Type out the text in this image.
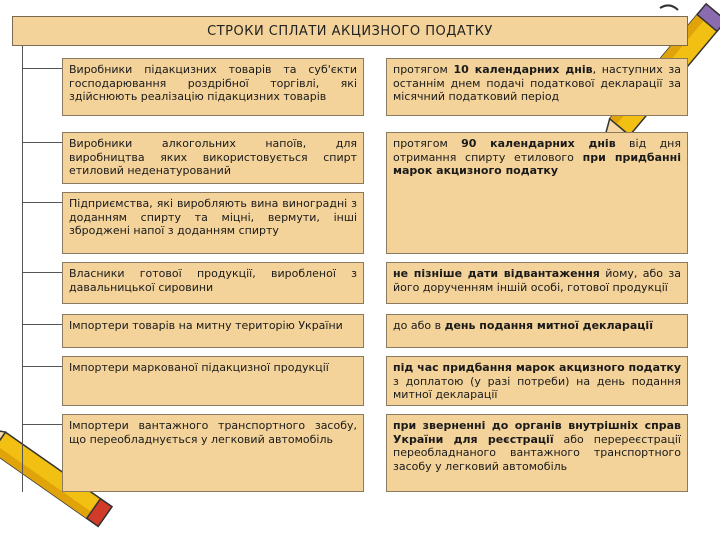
СТРОКИ СПЛАТИ АКЦИЗНОГО ПОДАТКУ
Виробники підакцизних товарів та суб'єкти господарювання роздрібної торгівлі, які здійснюють реалізацію підакцизних товарів
протягом 10 календарних днів, наступних за останнім днем подачі податкової декларації за місячний податковий період
Виробники алкогольних напоїв, для виробництва яких використовується спирт етиловий неденатурований
протягом 90 календарних днів від дня отримання спирту етилового при придбанні марок акцизного податку
Підприємства, які виробляють вина виноградні з доданням спирту та міцні, вермути, інші зброджені напої з доданням спирту
Власники готової продукції, виробленої з давальницької сировини
не пізніше дати відвантаження йому, або за його дорученням іншій особі, готової продукції
Імпортери товарів на митну територію України	до або в день подання митної декларації
Імпортери маркованої підакцизної продукції	під час придбання марок акцизного податку з доплатою (у разі потреби) на день подання митної декларації
Імпортери вантажного транспортного засобу, що переобладнується у легковий автомобіль
при зверненні до органів внутрішніх справ України для реєстрації або перереєстрації переобладнаного вантажного транспортного засобу у легковий автомобіль
